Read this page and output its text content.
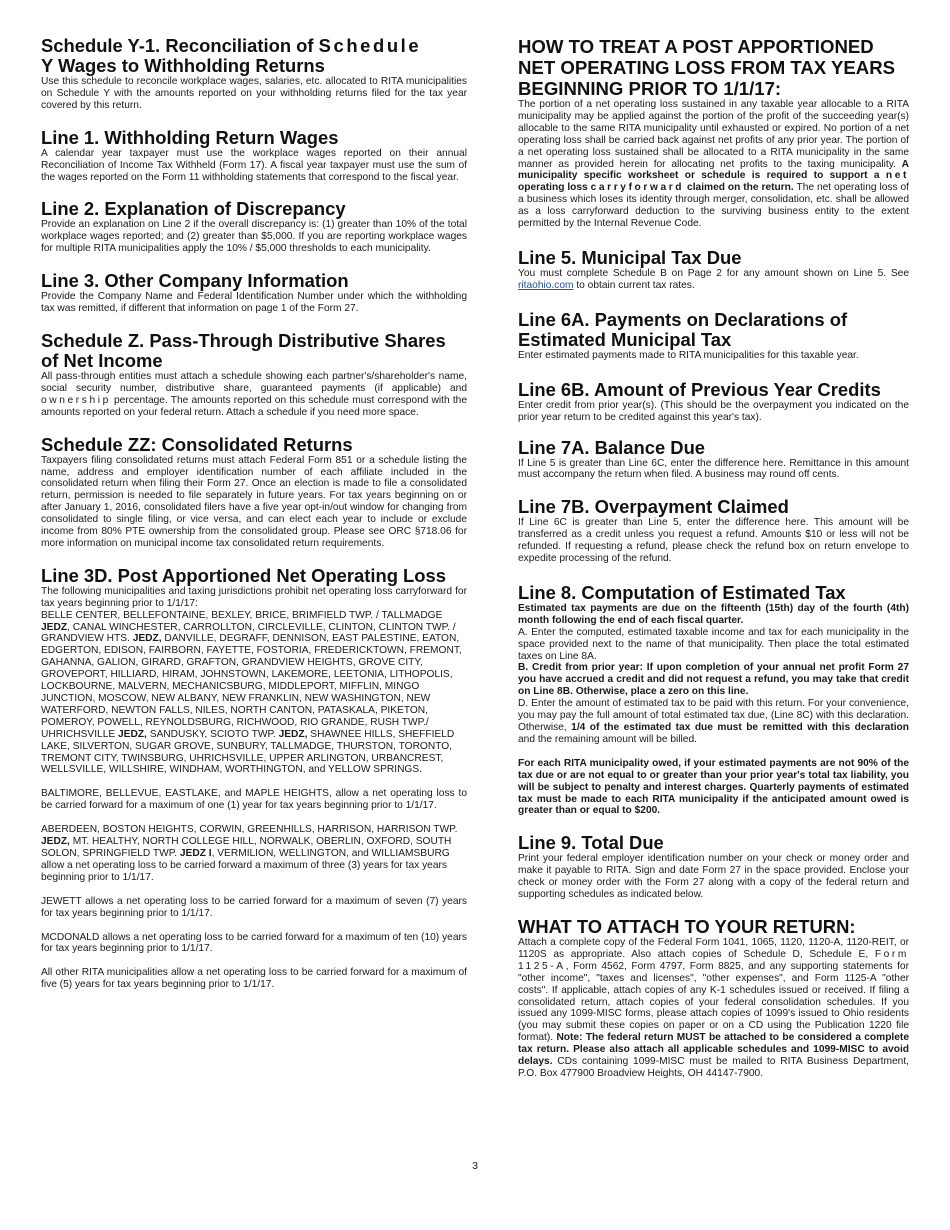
Schedule Y-1. Reconciliation of Schedule
Y Wages to Withholding Returns

Use this schedule to reconcile workplace wages, salaries, etc. allocated to RITA municipalities on Schedule Y with the amounts reported on your withholding returns filed for the tax year covered by this return.

Line 1. Withholding Return Wages

A calendar year taxpayer must use the workplace wages reported on their annual Reconciliation of Income Tax Withheld (Form 17). A fiscal year taxpayer must use the sum of the wages reported on the Form 11 withholding statements that correspond to the fiscal year.

Line 2. Explanation of Discrepancy

Provide an explanation on Line 2 if the overall discrepancy is: (1) greater than 10% of the total workplace wages reported; and (2) greater than $5,000. If you are reporting workplace wages for multiple RITA municipalities apply the 10% / $5,000 thresholds to each municipality.

Line 3. Other Company Information

Provide the Company Name and Federal Identification Number under which the withholding tax was remitted, if different that information on page 1 of the Form 27.

Schedule Z. Pass-Through Distributive Shares of Net Income

All pass-through entities must attach a schedule showing each partner's/shareholder's name, social security number, distributive share, guaranteed payments (if applicable) and ownership percentage. The amounts reported on this schedule must correspond with the amounts reported on your federal return. Attach a schedule if you need more space.

Schedule ZZ: Consolidated Returns

Taxpayers filing consolidated returns must attach Federal Form 851 or a schedule listing the name, address and employer identification number of each affiliate included in the consolidated return when filing their Form 27. Once an election is made to file a consolidated return, permission is needed to file separately in future years. For tax years beginning on or after January 1, 2016, consolidated filers have a five year opt-in/out window for changing from consolidated to single filing, or vice versa, and can elect each year to include or exclude income from 80% PTE ownership from the consolidated group. Please see ORC §718.06 for more information on municipal income tax consolidated return requirements.

Line 3D. Post Apportioned Net Operating Loss

The following municipalities and taxing jurisdictions prohibit net operating loss carryforward for tax years beginning prior to 1/1/17:

BELLE CENTER, BELLEFONTAINE, BEXLEY, BRICE, BRIMFIELD TWP. / TALLMADGE JEDZ, CANAL WINCHESTER, CARROLLTON, CIRCLEVILLE, CLINTON, CLINTON TWP. / GRANDVIEW HTS. JEDZ, DANVILLE, DEGRAFF, DENNISON, EAST PALESTINE, EATON, EDGERTON, EDISON, FAIRBORN, FAYETTE, FOSTORIA, FREDERICKTOWN, FREMONT, GAHANNA, GALION, GIRARD, GRAFTON, GRANDVIEW HEIGHTS, GROVE CITY, GROVEPORT, HILLIARD, HIRAM, JOHNSTOWN, LAKEMORE, LEETONIA, LITHOPOLIS, LOCKBOURNE, MALVERN, MECHANICSBURG, MIDDLEPORT, MIFFLIN, MINGO JUNCTION, MOSCOW, NEW ALBANY, NEW FRANKLIN, NEW WASHINGTON, NEW WATERFORD, NEWTON FALLS, NILES, NORTH CANTON, PATASKALA, PIKETON, POMEROY, POWELL, REYNOLDSBURG, RICHWOOD, RIO GRANDE, RUSH TWP./ UHRICHSVILLE JEDZ, SANDUSKY, SCIOTO TWP. JEDZ, SHAWNEE HILLS, SHEFFIELD LAKE, SILVERTON, SUGAR GROVE, SUNBURY, TALLMADGE, THURSTON, TORONTO, TREMONT CITY, TWINSBURG, UHRICHSVILLE, UPPER ARLINGTON, URBANCREST, WELLSVILLE, WILLSHIRE, WINDHAM, WORTHINGTON, and YELLOW SPRINGS.

BALTIMORE, BELLEVUE, EASTLAKE, and MAPLE HEIGHTS, allow a net operating loss to be carried forward for a maximum of one (1) year for tax years beginning prior to 1/1/17.

ABERDEEN, BOSTON HEIGHTS, CORWIN, GREENHILLS, HARRISON, HARRISON TWP. JEDZ, MT. HEALTHY, NORTH COLLEGE HILL, NORWALK, OBERLIN, OXFORD, SOUTH SOLON, SPRINGFIELD TWP. JEDZ I, VERMILION, WELLINGTON, and WILLIAMSBURG allow a net operating loss to be carried forward a maximum of three (3) years for tax years beginning prior to 1/1/17.

JEWETT allows a net operating loss to be carried forward for a maximum of seven (7) years for tax years beginning prior to 1/1/17.

MCDONALD allows a net operating loss to be carried forward for a maximum of ten (10) years for tax years beginning prior to 1/1/17.

All other RITA municipalities allow a net operating loss to be carried forward for a maximum of five (5) years for tax years beginning prior to 1/1/17.

HOW TO TREAT A POST APPORTIONED NET OPERATING LOSS FROM TAX YEARS BEGINNING PRIOR TO 1/1/17:

The portion of a net operating loss sustained in any taxable year allocable to a RITA municipality may be applied against the portion of the profit of the succeeding year(s) allocable to the same RITA municipality until exhausted or expired. No portion of a net operating loss shall be carried back against net profits of any prior year. The portion of a net operating loss sustained shall be allocated to a RITA municipality in the same manner as provided herein for allocating net profits to the taxing municipality. A municipality specific worksheet or schedule is required to support a net operating loss carryforward claimed on the return. The net operating loss of a business which loses its identity through merger, consolidation, etc. shall be allowed as a loss carryforward deduction to the surviving business entity to the extent permitted by the Internal Revenue Code.

Line 5. Municipal Tax Due

You must complete Schedule B on Page 2 for any amount shown on Line 5. See ritaohio.com to obtain current tax rates.

Line 6A. Payments on Declarations of Estimated Municipal Tax

Enter estimated payments made to RITA municipalities for this taxable year.

Line 6B. Amount of Previous Year Credits

Enter credit from prior year(s). (This should be the overpayment you indicated on the prior year return to be credited against this year's tax).

Line 7A. Balance Due

If Line 5 is greater than Line 6C, enter the difference here. Remittance in this amount must accompany the return when filed. A business may round off cents.

Line 7B. Overpayment Claimed

If Line 6C is greater than Line 5, enter the difference here. This amount will be transferred as a credit unless you request a refund. Amounts $10 or less will not be refunded. If requesting a refund, please check the refund box on return envelope to expedite processing of the refund.

Line 8. Computation of Estimated Tax

Estimated tax payments are due on the fifteenth (15th) day of the fourth (4th) month following the end of each fiscal quarter.

A. Enter the computed, estimated taxable income and tax for each municipality in the space provided next to the name of that municipality. Then place the total estimated taxes on Line 8A.

B. Credit from prior year: If upon completion of your annual net profit Form 27 you have accrued a credit and did not request a refund, you may take that credit on Line 8B. Otherwise, place a zero on this line.

D. Enter the amount of estimated tax to be paid with this return. For your convenience, you may pay the full amount of total estimated tax due, (Line 8C) with this declaration. Otherwise, 1/4 of the estimated tax due must be remitted with this declaration and the remaining amount will be billed.

For each RITA municipality owed, if your estimated payments are not 90% of the tax due or are not equal to or greater than your prior year's total tax liability, you will be subject to penalty and interest charges. Quarterly payments of estimated tax must be made to each RITA municipality if the anticipated amount owed is greater than or equal to $200.

Line 9. Total Due

Print your federal employer identification number on your check or money order and make it payable to RITA. Sign and date Form 27 in the space provided. Enclose your check or money order with the Form 27 along with a copy of the federal return and supporting schedules as indicated below.

WHAT TO ATTACH TO YOUR RETURN:

Attach a complete copy of the Federal Form 1041, 1065, 1120, 1120-A, 1120-REIT, or 1120S as appropriate. Also attach copies of Schedule D, Schedule E, Form 1125-A, Form 4562, Form 4797, Form 8825, and any supporting statements for "other income", "taxes and licenses", "other expenses", and Form 1125-A "other costs". If applicable, attach copies of any K-1 schedules issued or received. If filing a consolidated return, attach copies of your federal consolidation schedules. If you issued any 1099-MISC forms, please attach copies of 1099's issued to Ohio residents (you may submit these copies on paper or on a CD using the Publication 1220 file format). Note: The federal return MUST be attached to be considered a complete tax return. Please also attach all applicable schedules and 1099-MISC to avoid delays. CDs containing 1099-MISC must be mailed to RITA Business Department, P.O. Box 477900 Broadview Heights, OH 44147-7900.

3
